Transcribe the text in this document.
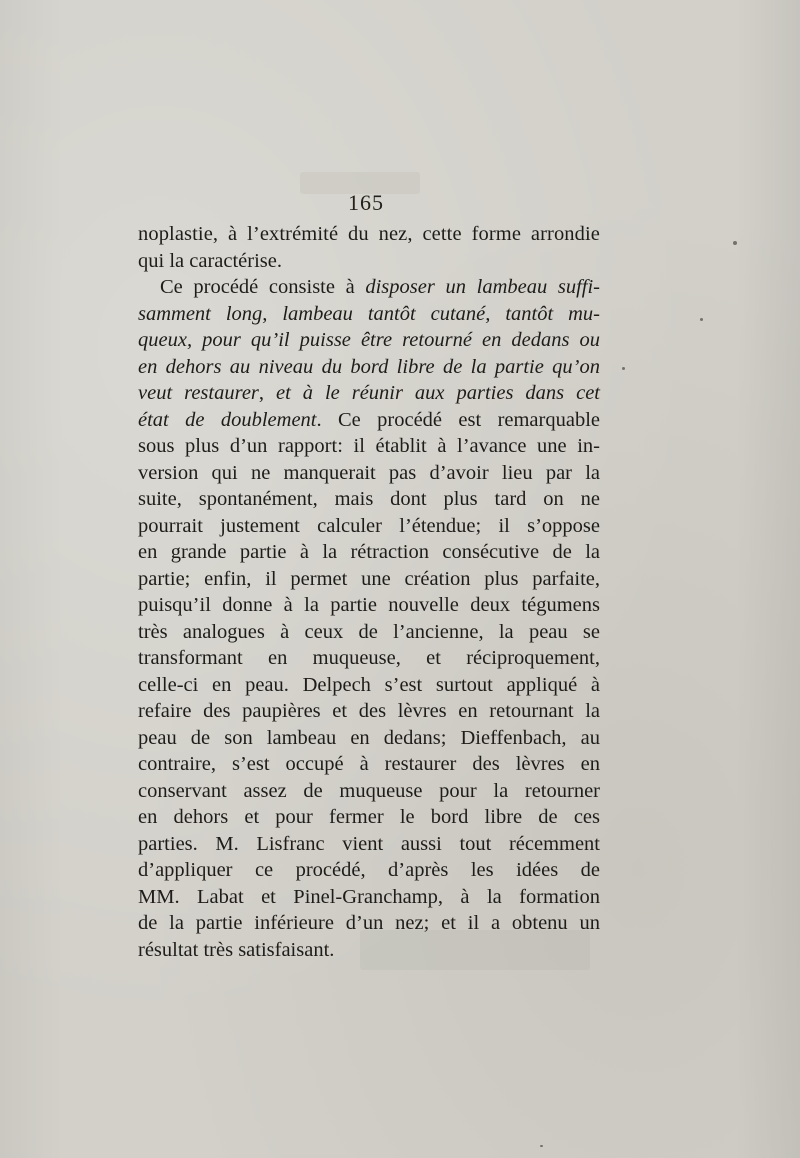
165
noplastie, à l’extrémité du nez, cette forme arrondie
qui la caractérise.
Ce procédé consiste à disposer un lambeau suffi-
samment long, lambeau tantôt cutané, tantôt mu-
queux, pour qu’il puisse être retourné en dedans ou
en dehors au niveau du bord libre de la partie qu’on
veut restaurer, et à le réunir aux parties dans cet
état de doublement. Ce procédé est remarquable
sous plus d’un rapport: il établit à l’avance une in-
version qui ne manquerait pas d’avoir lieu par la
suite, spontanément, mais dont plus tard on ne
pourrait justement calculer l’étendue; il s’oppose
en grande partie à la rétraction consécutive de la
partie; enfin, il permet une création plus parfaite,
puisqu’il donne à la partie nouvelle deux tégumens
très analogues à ceux de l’ancienne, la peau se
transformant en muqueuse, et réciproquement,
celle-ci en peau. Delpech s’est surtout appliqué à
refaire des paupières et des lèvres en retournant la
peau de son lambeau en dedans; Dieffenbach, au
contraire, s’est occupé à restaurer des lèvres en
conservant assez de muqueuse pour la retourner
en dehors et pour fermer le bord libre de ces
parties. M. Lisfranc vient aussi tout récemment
d’appliquer ce procédé, d’après les idées de
MM. Labat et Pinel-Granchamp, à la formation
de la partie inférieure d’un nez; et il a obtenu un
résultat très satisfaisant.
